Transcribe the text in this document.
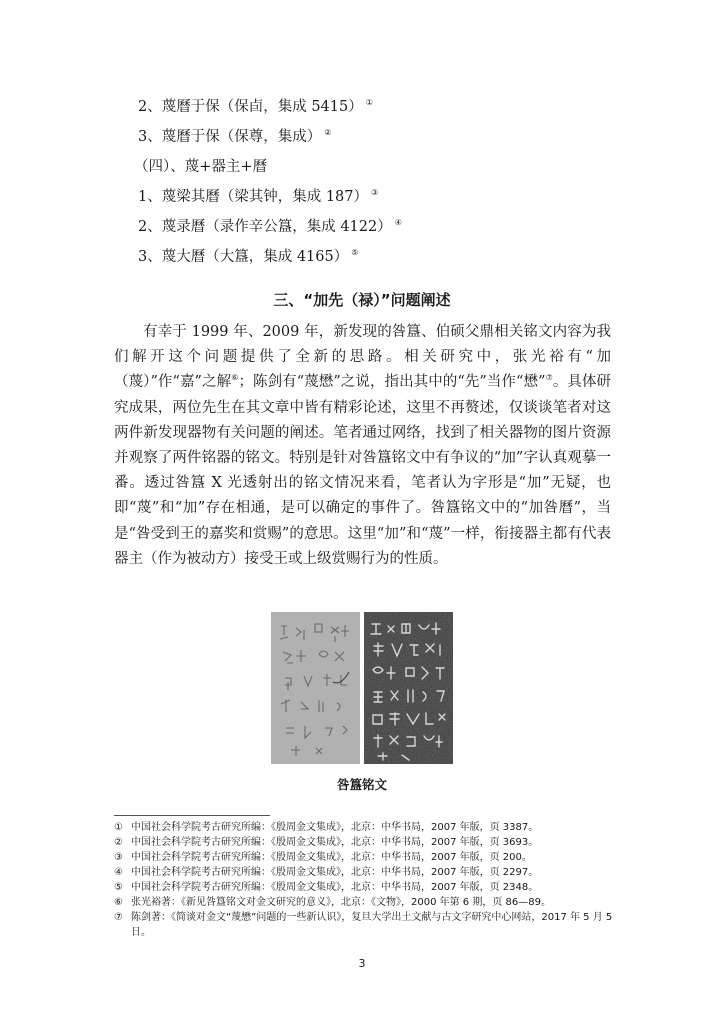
2、蔑曆于保（保卣，集成 5415） ①
3、蔑曆于保（保尊，集成） ②
（四）、蔑+器主+曆
1、蔑梁其曆（梁其钟，集成 187） ③
2、蔑录曆（录作辛公簋，集成 4122） ④
3、蔑大曆（大簋，集成 4165） ⑤
三、“加先（禄）”问题阐述

有幸于 1999 年、2009 年，新发现的咎簋、伯硕父鼎相关铭文内容为我们解开这个问题提供了全新的思路。相关研究中，张光裕有“加（蔑）”作“嘉”之解⑥；陈剑有“蔑懋”之说，指出其中的“先”当作“懋”⑦。具体研究成果，两位先生在其文章中皆有精彩论述，这里不再赘述，仅谈谈笔者对这两件新发现器物有关问题的阐述。笔者通过网络，找到了相关器物的图片资源并观察了两件铭器的铭文。特别是针对咎簋铭文中有争议的“加”字认真观摹一番。透过咎簋 X 光透射出的铭文情况来看，笔者认为字形是“加”无疑，也即“蔑”和“加”存在相通，是可以确定的事件了。咎簋铭文中的“加咎曆”，当是“咎受到王的嘉奖和赏赐”的意思。这里“加”和“蔑”一样，衔接器主都有代表器主（作为被动方）接受王或上级赏赐行为的性质。

咎簋铭文
① 中国社会科学院考古研究所编：《殷周金文集成》，北京：中华书局，2007 年版，页 3387。
② 中国社会科学院考古研究所编：《殷周金文集成》，北京：中华书局，2007 年版，页 3693。
③ 中国社会科学院考古研究所编：《殷周金文集成》，北京：中华书局，2007 年版，页 200。
④ 中国社会科学院考古研究所编：《殷周金文集成》，北京：中华书局，2007 年版，页 2297。
⑤ 中国社会科学院考古研究所编：《殷周金文集成》，北京：中华书局，2007 年版，页 2348。
⑥ 张光裕著：《新见咎簋铭文对金文研究的意义》，北京：《文物》，2000 年第 6 期，页 86—89。
⑦ 陈剑著：《简谈对金文“蔑懋”问题的一些新认识》，复旦大学出土文献与古文字研究中心网站，2017 年 5 月 5 日。
3
